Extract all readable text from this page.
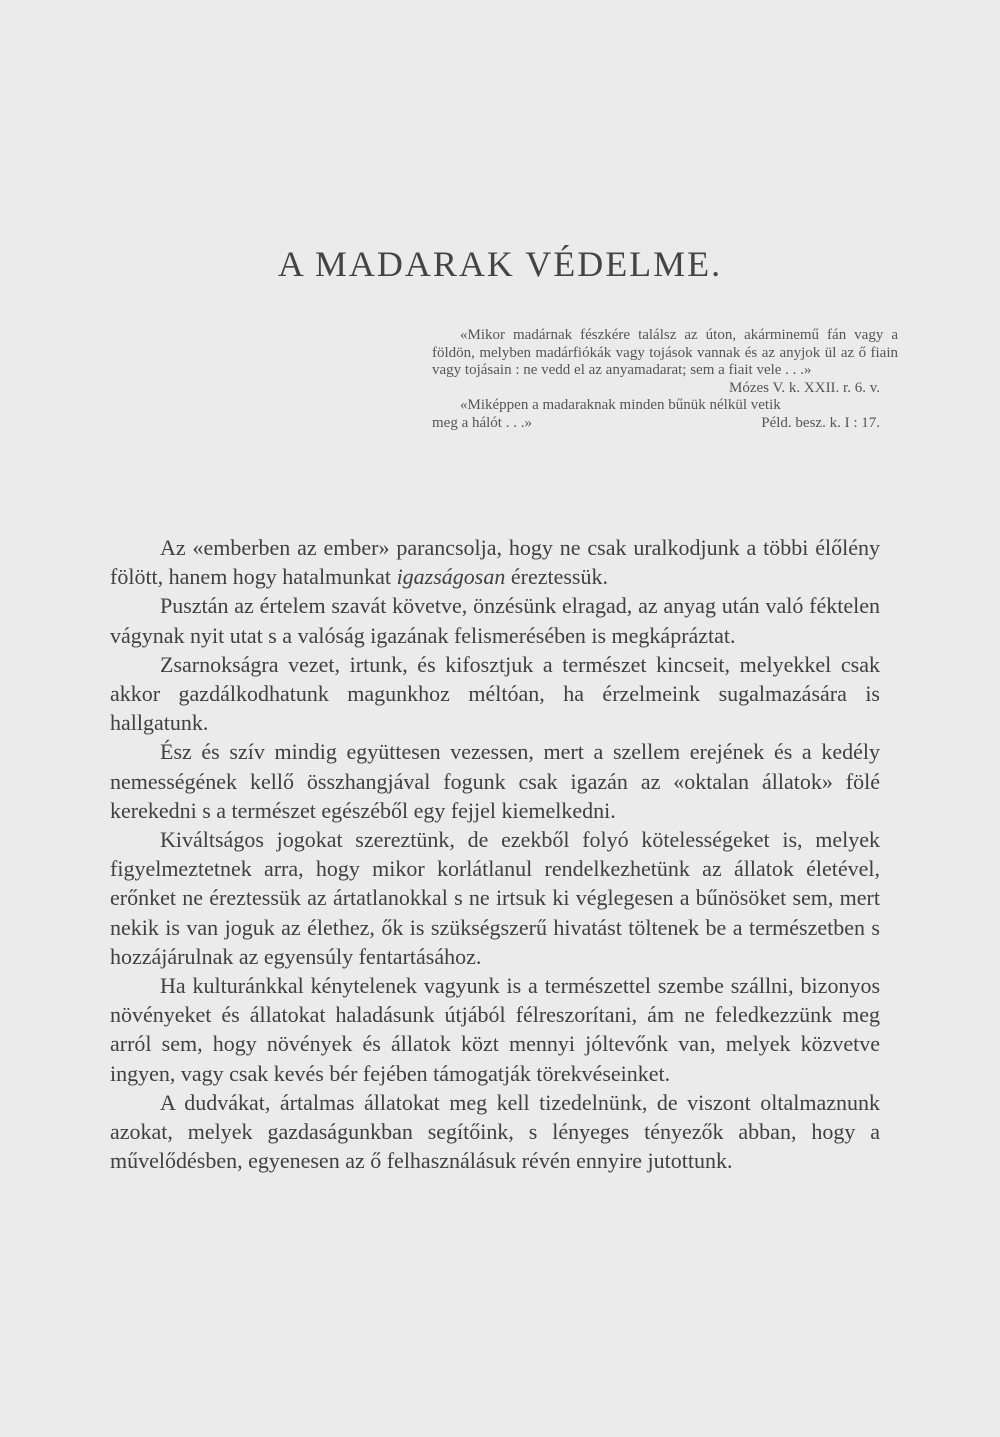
A MADARAK VÉDELME.

«Mikor madárnak fészkére találsz az úton, akárminemű fán vagy a földön, melyben madárfiókák vagy tojások vannak és az anyjok ül az ő fiain vagy tojásain : ne vedd el az anyamadarat; sem a fiait vele . . .»

Mózes V. k. XXII. r. 6. v.

«Miképpen a madaraknak minden bűnük nélkül vetik

meg a hálót . . .»	Péld. besz. k. I : 17.

Az «emberben az ember» parancsolja, hogy ne csak uralkodjunk a többi élőlény fölött, hanem hogy hatalmunkat igazságosan éreztessük.

Pusztán az értelem szavát követve, önzésünk elragad, az anyag után való féktelen vágynak nyit utat s a valóság igazának felismerésében is megkápráztat.

Zsarnokságra vezet, irtunk, és kifosztjuk a természet kincseit, melyekkel csak akkor gazdálkodhatunk magunkhoz méltóan, ha érzelmeink sugalmazására is hallgatunk.

Ész és szív mindig együttesen vezessen, mert a szellem erejének és a kedély nemességének kellő összhangjával fogunk csak igazán az «oktalan állatok» fölé kerekedni s a természet egészéből egy fejjel kiemelkedni.

Kiváltságos jogokat szereztünk, de ezekből folyó kötelességeket is, melyek figyelmeztetnek arra, hogy mikor korlátlanul rendelkezhetünk az állatok életével, erőnket ne éreztessük az ártatlanokkal s ne irtsuk ki véglegesen a bűnösöket sem, mert nekik is van joguk az élethez, ők is szükségszerű hivatást töltenek be a természetben s hozzájárulnak az egyensúly fentartásához.

Ha kulturánkkal kénytelenek vagyunk is a természettel szembe szállni, bizonyos növényeket és állatokat haladásunk útjából félreszorítani, ám ne feledkezzünk meg arról sem, hogy növények és állatok közt mennyi jóltevőnk van, melyek közvetve ingyen, vagy csak kevés bér fejében támogatják törekvéseinket.

A dudvákat, ártalmas állatokat meg kell tizedelnünk, de viszont oltalmaznunk azokat, melyek gazdaságunkban segítőink, s lényeges tényezők abban, hogy a művelődésben, egyenesen az ő felhasználásuk révén ennyire jutottunk.
